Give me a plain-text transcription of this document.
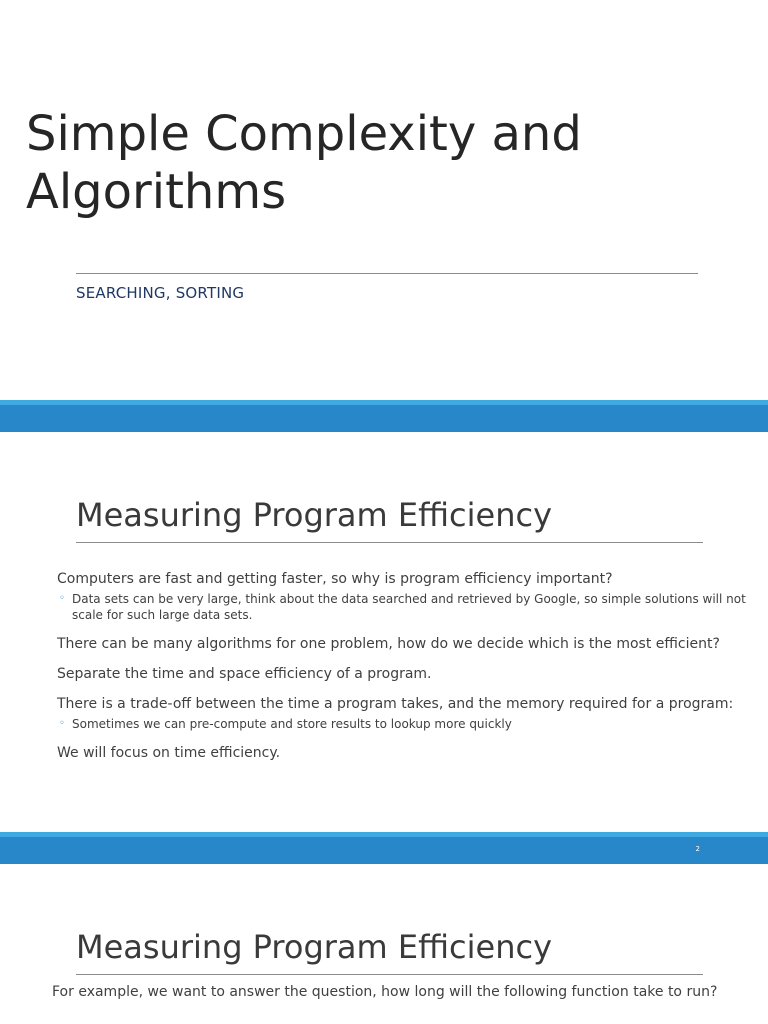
Simple Complexity and Algorithms
SEARCHING, SORTING
Measuring Program Efficiency

Computers are fast and getting faster, so why is program efficiency important?

◦ Data sets can be very large, think about the data searched and retrieved by Google, so simple solutions will not scale for such large data sets.

There can be many algorithms for one problem, how do we decide which is the most efficient?

Separate the time and space efficiency of a program.

There is a trade-off between the time a program takes, and the memory required for a program:

◦ Sometimes we can pre-compute and store results to lookup more quickly

We will focus on time efficiency.

2
Measuring Program Efficiency

For example, we want to answer the question, how long will the following function take to run?
